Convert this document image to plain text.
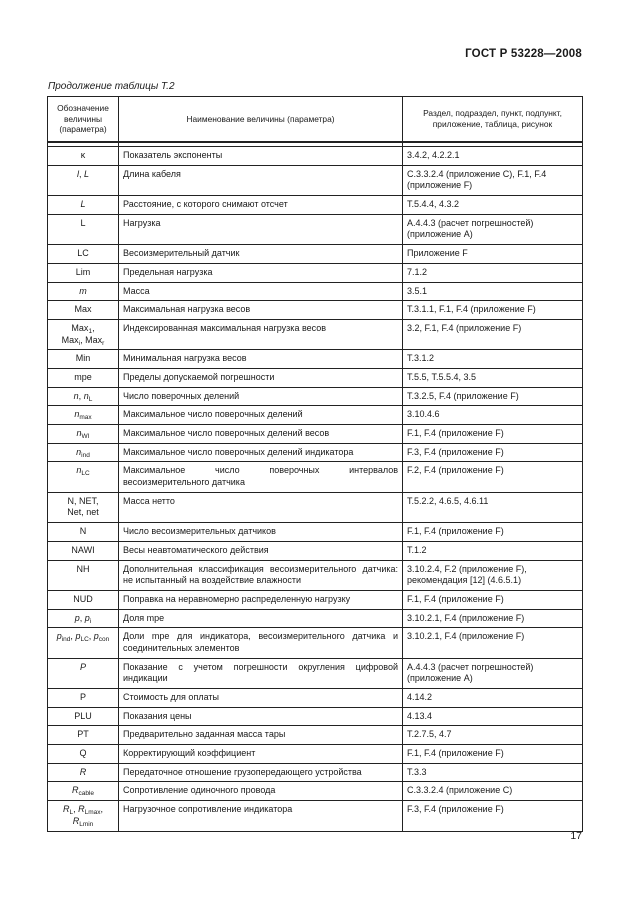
ГОСТ Р 53228—2008
Продолжение таблицы Т.2
Обозначение величины (параметра)	Наименование величины (параметра)	Раздел, подраздел, пункт, подпункт, приложение, таблица, рисунок

κ	Показатель экспоненты	3.4.2, 4.2.2.1
l, L	Длина кабеля	С.3.3.2.4 (приложение С), F.1, F.4 (приложение F)
L	Расстояние, с которого снимают отсчет	Т.5.4.4, 4.3.2
L	Нагрузка	А.4.4.3 (расчет погрешностей) (приложение А)
LC	Весоизмерительный датчик	Приложение F
Lim	Предельная нагрузка	7.1.2
m	Масса	3.5.1
Max	Максимальная нагрузка весов	Т.3.1.1, F.1, F.4 (приложение F)
Max$_1$,
Max$_i$, Max$_r$	Индексированная максимальная нагрузка весов	3.2, F.1, F.4 (приложение F)
Min	Минимальная нагрузка весов	Т.3.1.2
mpe	Пределы допускаемой погрешности	Т.5.5, Т.5.5.4, 3.5
n, $n_L$	Число поверочных делений	Т.3.2.5, F.4 (приложение F)
$n_{max}$	Максимальное число поверочных делений	3.10.4.6
$n_{WI}$	Максимальное число поверочных делений весов	F.1, F.4 (приложение F)
$n_{ind}$	Максимальное число поверочных делений индикатора	F.3, F.4 (приложение F)
$n_{LC}$	Максимальное число поверочных интервалов весоизмерительного датчика	F.2, F.4 (приложение F)
N, NET,
Net, net	Масса нетто	Т.5.2.2, 4.6.5, 4.6.11
N	Число весоизмерительных датчиков	F.1, F.4 (приложение F)
NAWI	Весы неавтоматического действия	Т.1.2
NH	Дополнительная классификация весоизмерительного датчика: не испытанный на воздействие влажности	3.10.2.4, F.2 (приложение F), рекомендация [12] (4.6.5.1)
NUD	Поправка на неравномерно распределенную нагрузку	F.1, F.4 (приложение F)
p, $p_i$	Доля mpe	3.10.2.1, F.4 (приложение F)
$p_{ind}$, $p_{LC}$, $p_{con}$	Доли mpe для индикатора, весоизмерительного датчика и соединительных элементов	3.10.2.1, F.4 (приложение F)
P	Показание с учетом погрешности округления цифровой индикации	А.4.4.3 (расчет погрешностей) (приложение А)
P	Стоимость для оплаты	4.14.2
PLU	Показания цены	4.13.4
PT	Предварительно заданная масса тары	Т.2.7.5, 4.7
Q	Корректирующий коэффициент	F.1, F.4 (приложение F)
R	Передаточное отношение грузопередающего устройства	Т.3.3
$R_{cable}$	Сопротивление одиночного провода	С.3.3.2.4 (приложение С)
$R_L$, $R_{Lmax}$,
$R_{Lmin}$	Нагрузочное сопротивление индикатора	F.3, F.4 (приложение F)
17
